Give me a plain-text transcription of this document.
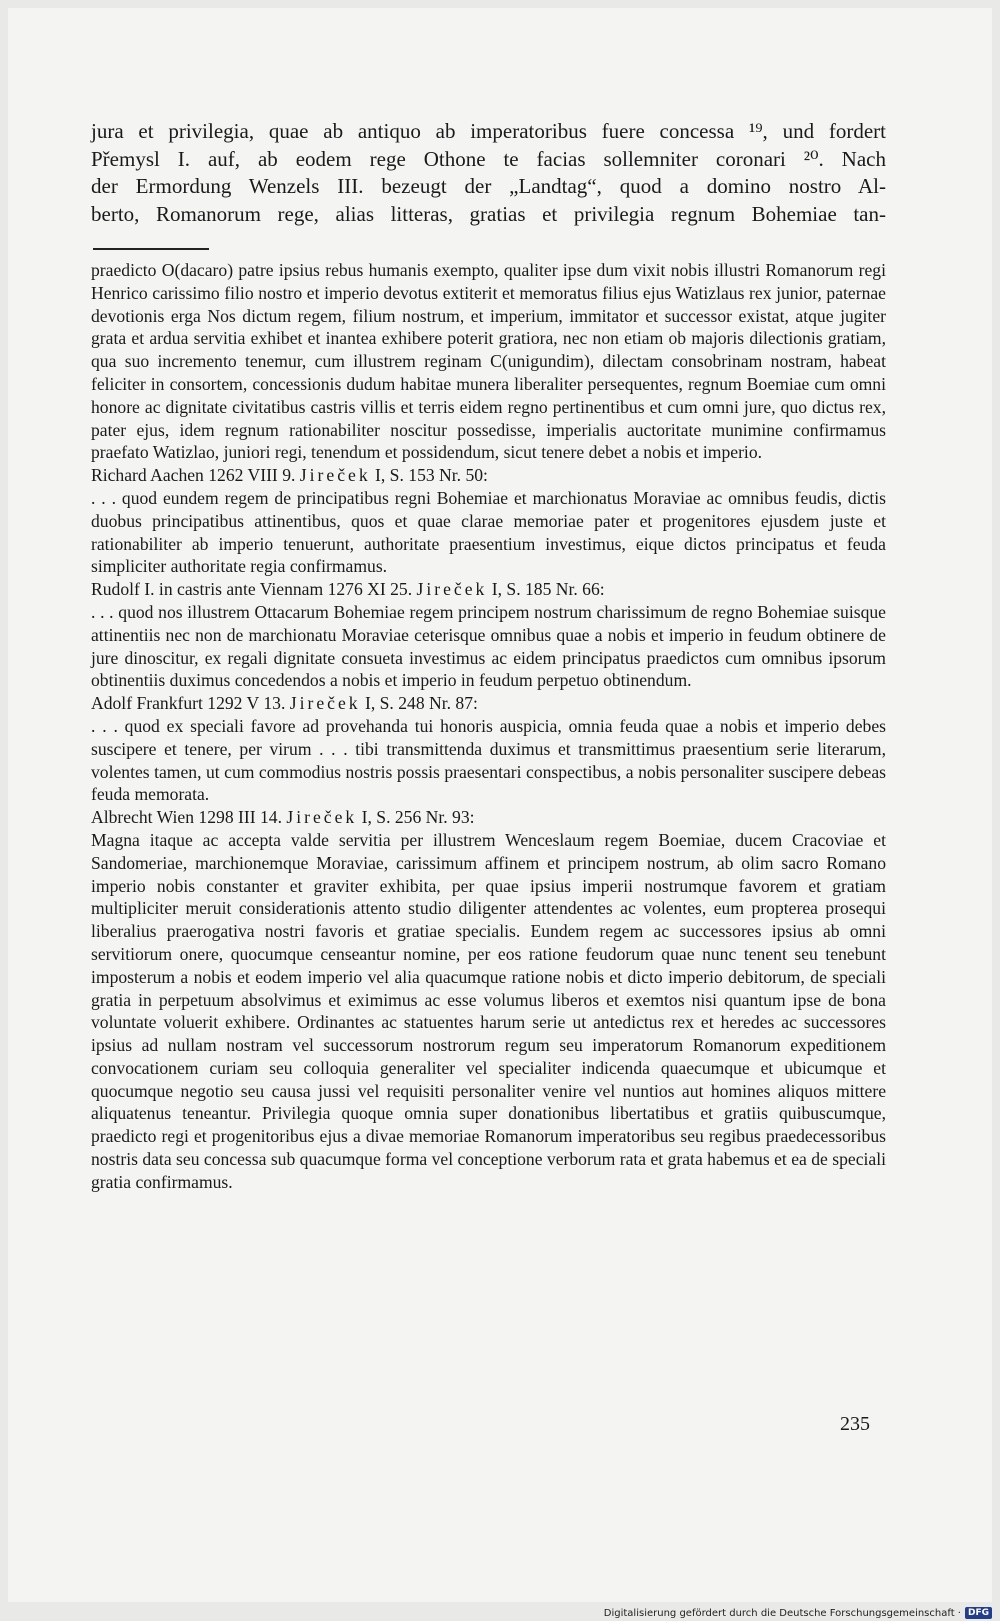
jura et privilegia, quae ab antiquo ab imperatoribus fuere concessa ¹⁹, und fordert

Přemysl I. auf, ab eodem rege Othone te facias sollemniter coronari ²⁰. Nach

der Ermordung Wenzels III. bezeugt der „Landtag“, quod a domino nostro Al-

berto, Romanorum rege, alias litteras, gratias et privilegia regnum Bohemiae tan-

praedicto O(dacaro) patre ipsius rebus humanis exempto, qualiter ipse dum vixit nobis illustri Romanorum regi Henrico carissimo filio nostro et imperio devotus extiterit et memoratus filius ejus Watizlaus rex junior, paternae devotionis erga Nos dictum regem, filium nostrum, et imperium, immitator et successor existat, atque jugiter grata et ardua servitia exhibet et inantea exhibere poterit gratiora, nec non etiam ob majoris dilectionis gratiam, qua suo incremento tenemur, cum illustrem reginam C(unigundim), dilectam consobrinam nostram, habeat feliciter in consortem, concessionis dudum habitae munera liberaliter persequentes, regnum Boemiae cum omni honore ac dignitate civitatibus castris villis et terris eidem regno pertinentibus et cum omni jure, quo dictus rex, pater ejus, idem regnum rationabiliter noscitur possedisse, imperialis auctoritate munimine confirmamus praefato Watizlao, juniori regi, tenendum et possidendum, sicut tenere debet a nobis et imperio.

Richard Aachen 1262 VIII 9. Jireček I, S. 153 Nr. 50:

. . . quod eundem regem de principatibus regni Bohemiae et marchionatus Moraviae ac omnibus feudis, dictis duobus principatibus attinentibus, quos et quae clarae memoriae pater et progenitores ejusdem juste et rationabiliter ab imperio tenuerunt, authoritate praesentium investimus, eique dictos principatus et feuda simpliciter authoritate regia confirmamus.

Rudolf I. in castris ante Viennam 1276 XI 25. Jireček I, S. 185 Nr. 66:

. . . quod nos illustrem Ottacarum Bohemiae regem principem nostrum charissimum de regno Bohemiae suisque attinentiis nec non de marchionatu Moraviae ceterisque omnibus quae a nobis et imperio in feudum obtinere de jure dinoscitur, ex regali dignitate consueta investimus ac eidem principatus praedictos cum omnibus ipsorum obtinentiis duximus concedendos a nobis et imperio in feudum perpetuo obtinendum.

Adolf Frankfurt 1292 V 13. Jireček I, S. 248 Nr. 87:

. . . quod ex speciali favore ad provehanda tui honoris auspicia, omnia feuda quae a nobis et imperio debes suscipere et tenere, per virum . . . tibi transmittenda duximus et transmittimus praesentium serie literarum, volentes tamen, ut cum commodius nostris possis praesentari conspectibus, a nobis personaliter suscipere debeas feuda memorata.

Albrecht Wien 1298 III 14. Jireček I, S. 256 Nr. 93:

Magna itaque ac accepta valde servitia per illustrem Wenceslaum regem Boemiae, ducem Cracoviae et Sandomeriae, marchionemque Moraviae, carissimum affinem et principem nostrum, ab olim sacro Romano imperio nobis constanter et graviter exhibita, per quae ipsius imperii nostrumque favorem et gratiam multipliciter meruit considerationis attento studio diligenter attendentes ac volentes, eum propterea prosequi liberalius praerogativa nostri favoris et gratiae specialis. Eundem regem ac successores ipsius ab omni servitiorum onere, quocumque censeantur nomine, per eos ratione feudorum quae nunc tenent seu tenebunt imposterum a nobis et eodem imperio vel alia quacumque ratione nobis et dicto imperio debitorum, de speciali gratia in perpetuum absolvimus et eximimus ac esse volumus liberos et exemtos nisi quantum ipse de bona voluntate voluerit exhibere. Ordinantes ac statuentes harum serie ut antedictus rex et heredes ac successores ipsius ad nullam nostram vel successorum nostrorum regum seu imperatorum Romanorum expeditionem convocationem curiam seu colloquia generaliter vel specialiter indicenda quaecumque et ubicumque et quocumque negotio seu causa jussi vel requisiti personaliter venire vel nuntios aut homines aliquos mittere aliquatenus teneantur. Privilegia quoque omnia super donationibus libertatibus et gratiis quibuscumque, praedicto regi et progenitoribus ejus a divae memoriae Romanorum imperatoribus seu regibus praedecessoribus nostris data seu concessa sub quacumque forma vel conceptione verborum rata et grata habemus et ea de speciali gratia confirmamus.

235
Digitalisierung gefördert durch die Deutsche Forschungsgemeinschaft · DFG
